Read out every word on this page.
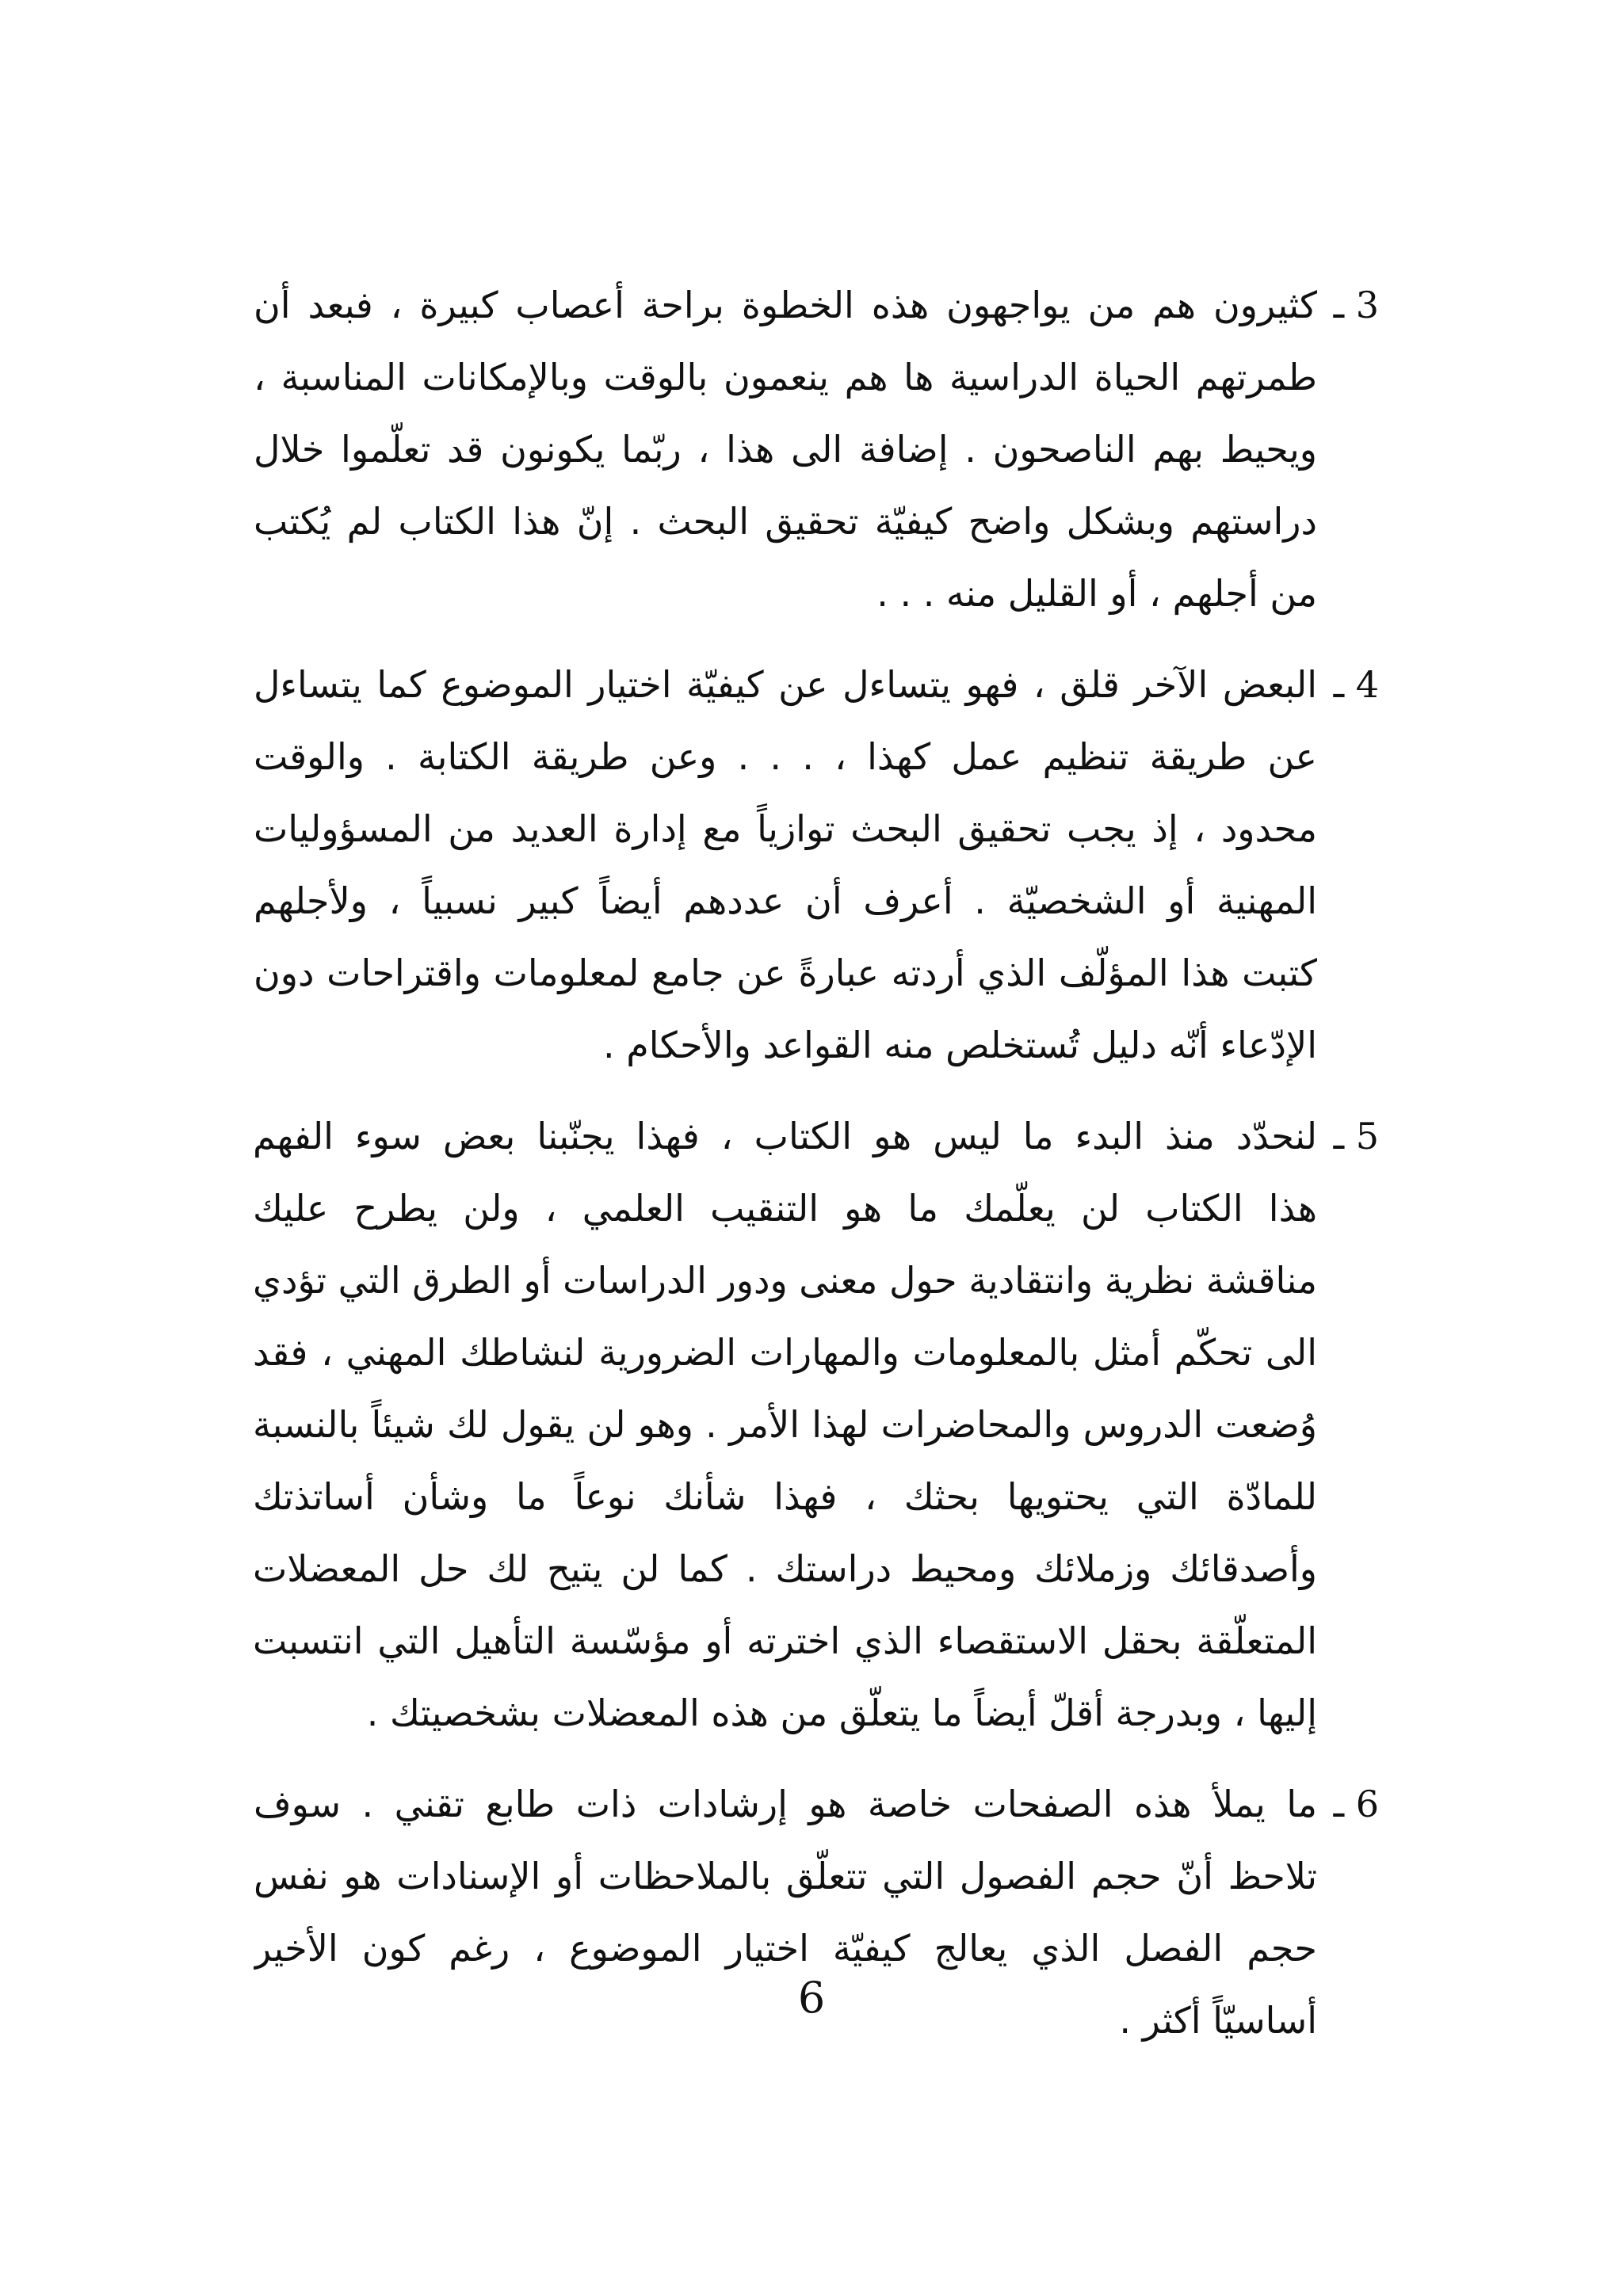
3 ـ
كثيرون هم من يواجهون هذه الخطوة براحة أعصاب كبيرة ، فبعد أن
طمرتهم الحياة الدراسية ها هم ينعمون بالوقت وبالإمكانات المناسبة ،
ويحيط بهم الناصحون . إضافة الى هذا ، ربّما يكونون قد تعلّموا خلال
دراستهم وبشكل واضح كيفيّة تحقيق البحث . إنّ هذا الكتاب لم يُكتب
من أجلهم ، أو القليل منه . . .
4 ـ
البعض الآخر قلق ، فهو يتساءل عن كيفيّة اختيار الموضوع كما يتساءل
عن طريقة تنظيم عمل كهذا ، . . . وعن طريقة الكتابة . والوقت
محدود ، إذ يجب تحقيق البحث توازياً مع إدارة العديد من المسؤوليات
المهنية أو الشخصيّة . أعرف أن عددهم أيضاً كبير نسبياً ، ولأجلهم
كتبت هذا المؤلّف الذي أردته عبارةً عن جامع لمعلومات واقتراحات دون
الإدّعاء أنّه دليل تُستخلص منه القواعد والأحكام .
5 ـ
لنحدّد منذ البدء ما ليس هو الكتاب ، فهذا يجنّبنا بعض سوء الفهم
هذا الكتاب لن يعلّمك ما هو التنقيب العلمي ، ولن يطرح عليك
مناقشة نظرية وانتقادية حول معنى ودور الدراسات أو الطرق التي تؤدي
الى تحكّم أمثل بالمعلومات والمهارات الضرورية لنشاطك المهني ، فقد
وُضعت الدروس والمحاضرات لهذا الأمر . وهو لن يقول لك شيئاً بالنسبة
للمادّة التي يحتويها بحثك ، فهذا شأنك نوعاً ما وشأن أساتذتك
وأصدقائك وزملائك ومحيط دراستك . كما لن يتيح لك حل المعضلات
المتعلّقة بحقل الاستقصاء الذي اخترته أو مؤسّسة التأهيل التي انتسبت
إليها ، وبدرجة أقلّ أيضاً ما يتعلّق من هذه المعضلات بشخصيتك .
6 ـ
ما يملأ هذه الصفحات خاصة هو إرشادات ذات طابع تقني . سوف
تلاحظ أنّ حجم الفصول التي تتعلّق بالملاحظات أو الإسنادات هو نفس
حجم الفصل الذي يعالج كيفيّة اختيار الموضوع ، رغم كون الأخير
أساسيّاً أكثر .
6
